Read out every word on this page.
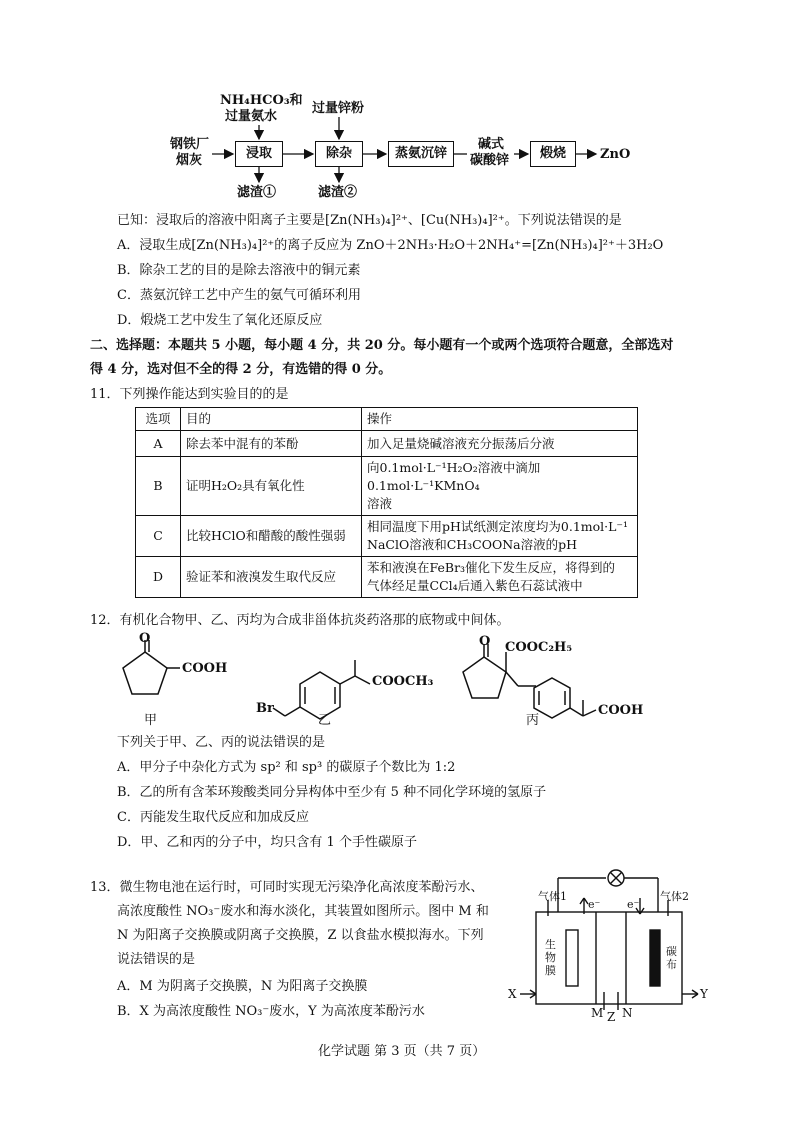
NH₄HCO₃和
过量氨水
过量锌粉
钢铁厂
烟灰	浸取	除杂	蒸氨沉锌
碱式
碳酸锌	煅烧	ZnO
滤渣①	滤渣②
已知：浸取后的溶液中阳离子主要是[Zn(NH₃)₄]²⁺、[Cu(NH₃)₄]²⁺。下列说法错误的是
A．浸取生成[Zn(NH₃)₄]²⁺的离子反应为 ZnO＋2NH₃·H₂O＋2NH₄⁺=[Zn(NH₃)₄]²⁺＋3H₂O
B．除杂工艺的目的是除去溶液中的铜元素
C．蒸氨沉锌工艺中产生的氨气可循环利用
D．煅烧工艺中发生了氧化还原反应
二、选择题：本题共 5 小题，每小题 4 分，共 20 分。每小题有一个或两个选项符合题意，全部选对
得 4 分，选对但不全的得 2 分，有选错的得 0 分。
11．下列操作能达到实验目的的是
选项	目的	操作
A	除去苯中混有的苯酚	加入足量烧碱溶液充分振荡后分液
B	证明H₂O₂具有氧化性	向0.1mol·L⁻¹H₂O₂溶液中滴加0.1mol·L⁻¹KMnO₄
溶液

C	比较HClO和醋酸的酸性强弱	相同温度下用pH试纸测定浓度均为0.1mol·L⁻¹
NaClO溶液和CH₃COONa溶液的pH

D	验证苯和液溴发生取代反应	苯和液溴在FeBr₃催化下发生反应，将得到的
气体经足量CCl₄后通入紫色石蕊试液中
12．有机化合物甲、乙、丙均为合成非甾体抗炎药洛那的底物或中间体。
O
COOH
甲
Br
COOCH₃
乙
O COOC₂H₅
COOH
丙
下列关于甲、乙、丙的说法错误的是
A．甲分子中杂化方式为 sp² 和 sp³ 的碳原子个数比为 1:2
B．乙的所有含苯环羧酸类同分异构体中至少有 5 种不同化学环境的氢原子
C．丙能发生取代反应和加成反应
D．甲、乙和丙的分子中，均只含有 1 个手性碳原子
13．微生物电池在运行时，可同时实现无污染净化高浓度苯酚污水、
高浓度酸性 NO₃⁻废水和海水淡化，其装置如图所示。图中 M 和
N 为阳离子交换膜或阴离子交换膜，Z 以食盐水模拟海水。下列
说法错误的是
A．M 为阴离子交换膜，N 为阳离子交换膜
B．X 为高浓度酸性 NO₃⁻废水，Y 为高浓度苯酚污水
气体1	气体2
e⁻ e⁻
生物膜
碳布
X	Y
M Z N
化学试题 第 3 页（共 7 页）
